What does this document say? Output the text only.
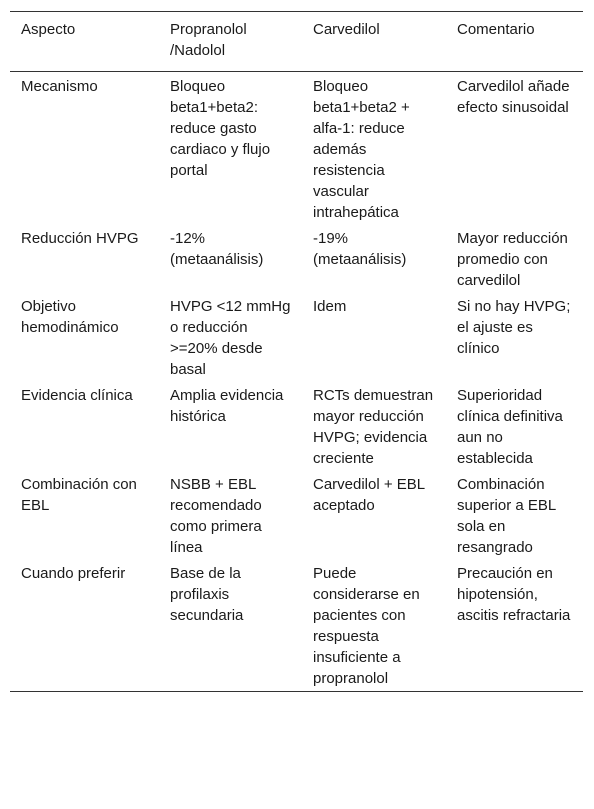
Aspecto	Propranolol /Nadolol	Carvedilol	Comentario
Mecanismo	Bloqueo beta1+beta2: reduce gasto cardiaco y flujo portal	Bloqueo beta1+beta2 + alfa-1: reduce además resistencia vascular intrahepática	Carvedilol añade efecto sinusoidal
Reducción HVPG	-12% (metaanálisis)	-19% (metaanálisis)	Mayor reducción promedio con carvedilol
Objetivo hemodinámico	HVPG <12 mmHg o reducción >=20% desde basal	Idem	Si no hay HVPG; el ajuste es clínico
Evidencia clínica	Amplia evidencia histórica	RCTs demuestran mayor reducción HVPG; evidencia creciente	Superioridad clínica definitiva aun no establecida
Combinación con EBL	NSBB + EBL recomendado como primera línea	Carvedilol + EBL aceptado	Combinación superior a EBL sola en resangrado
Cuando preferir	Base de la profilaxis secundaria	Puede considerarse en pacientes con respuesta insuficiente a propranolol	Precaución en hipotensión, ascitis refractaria
